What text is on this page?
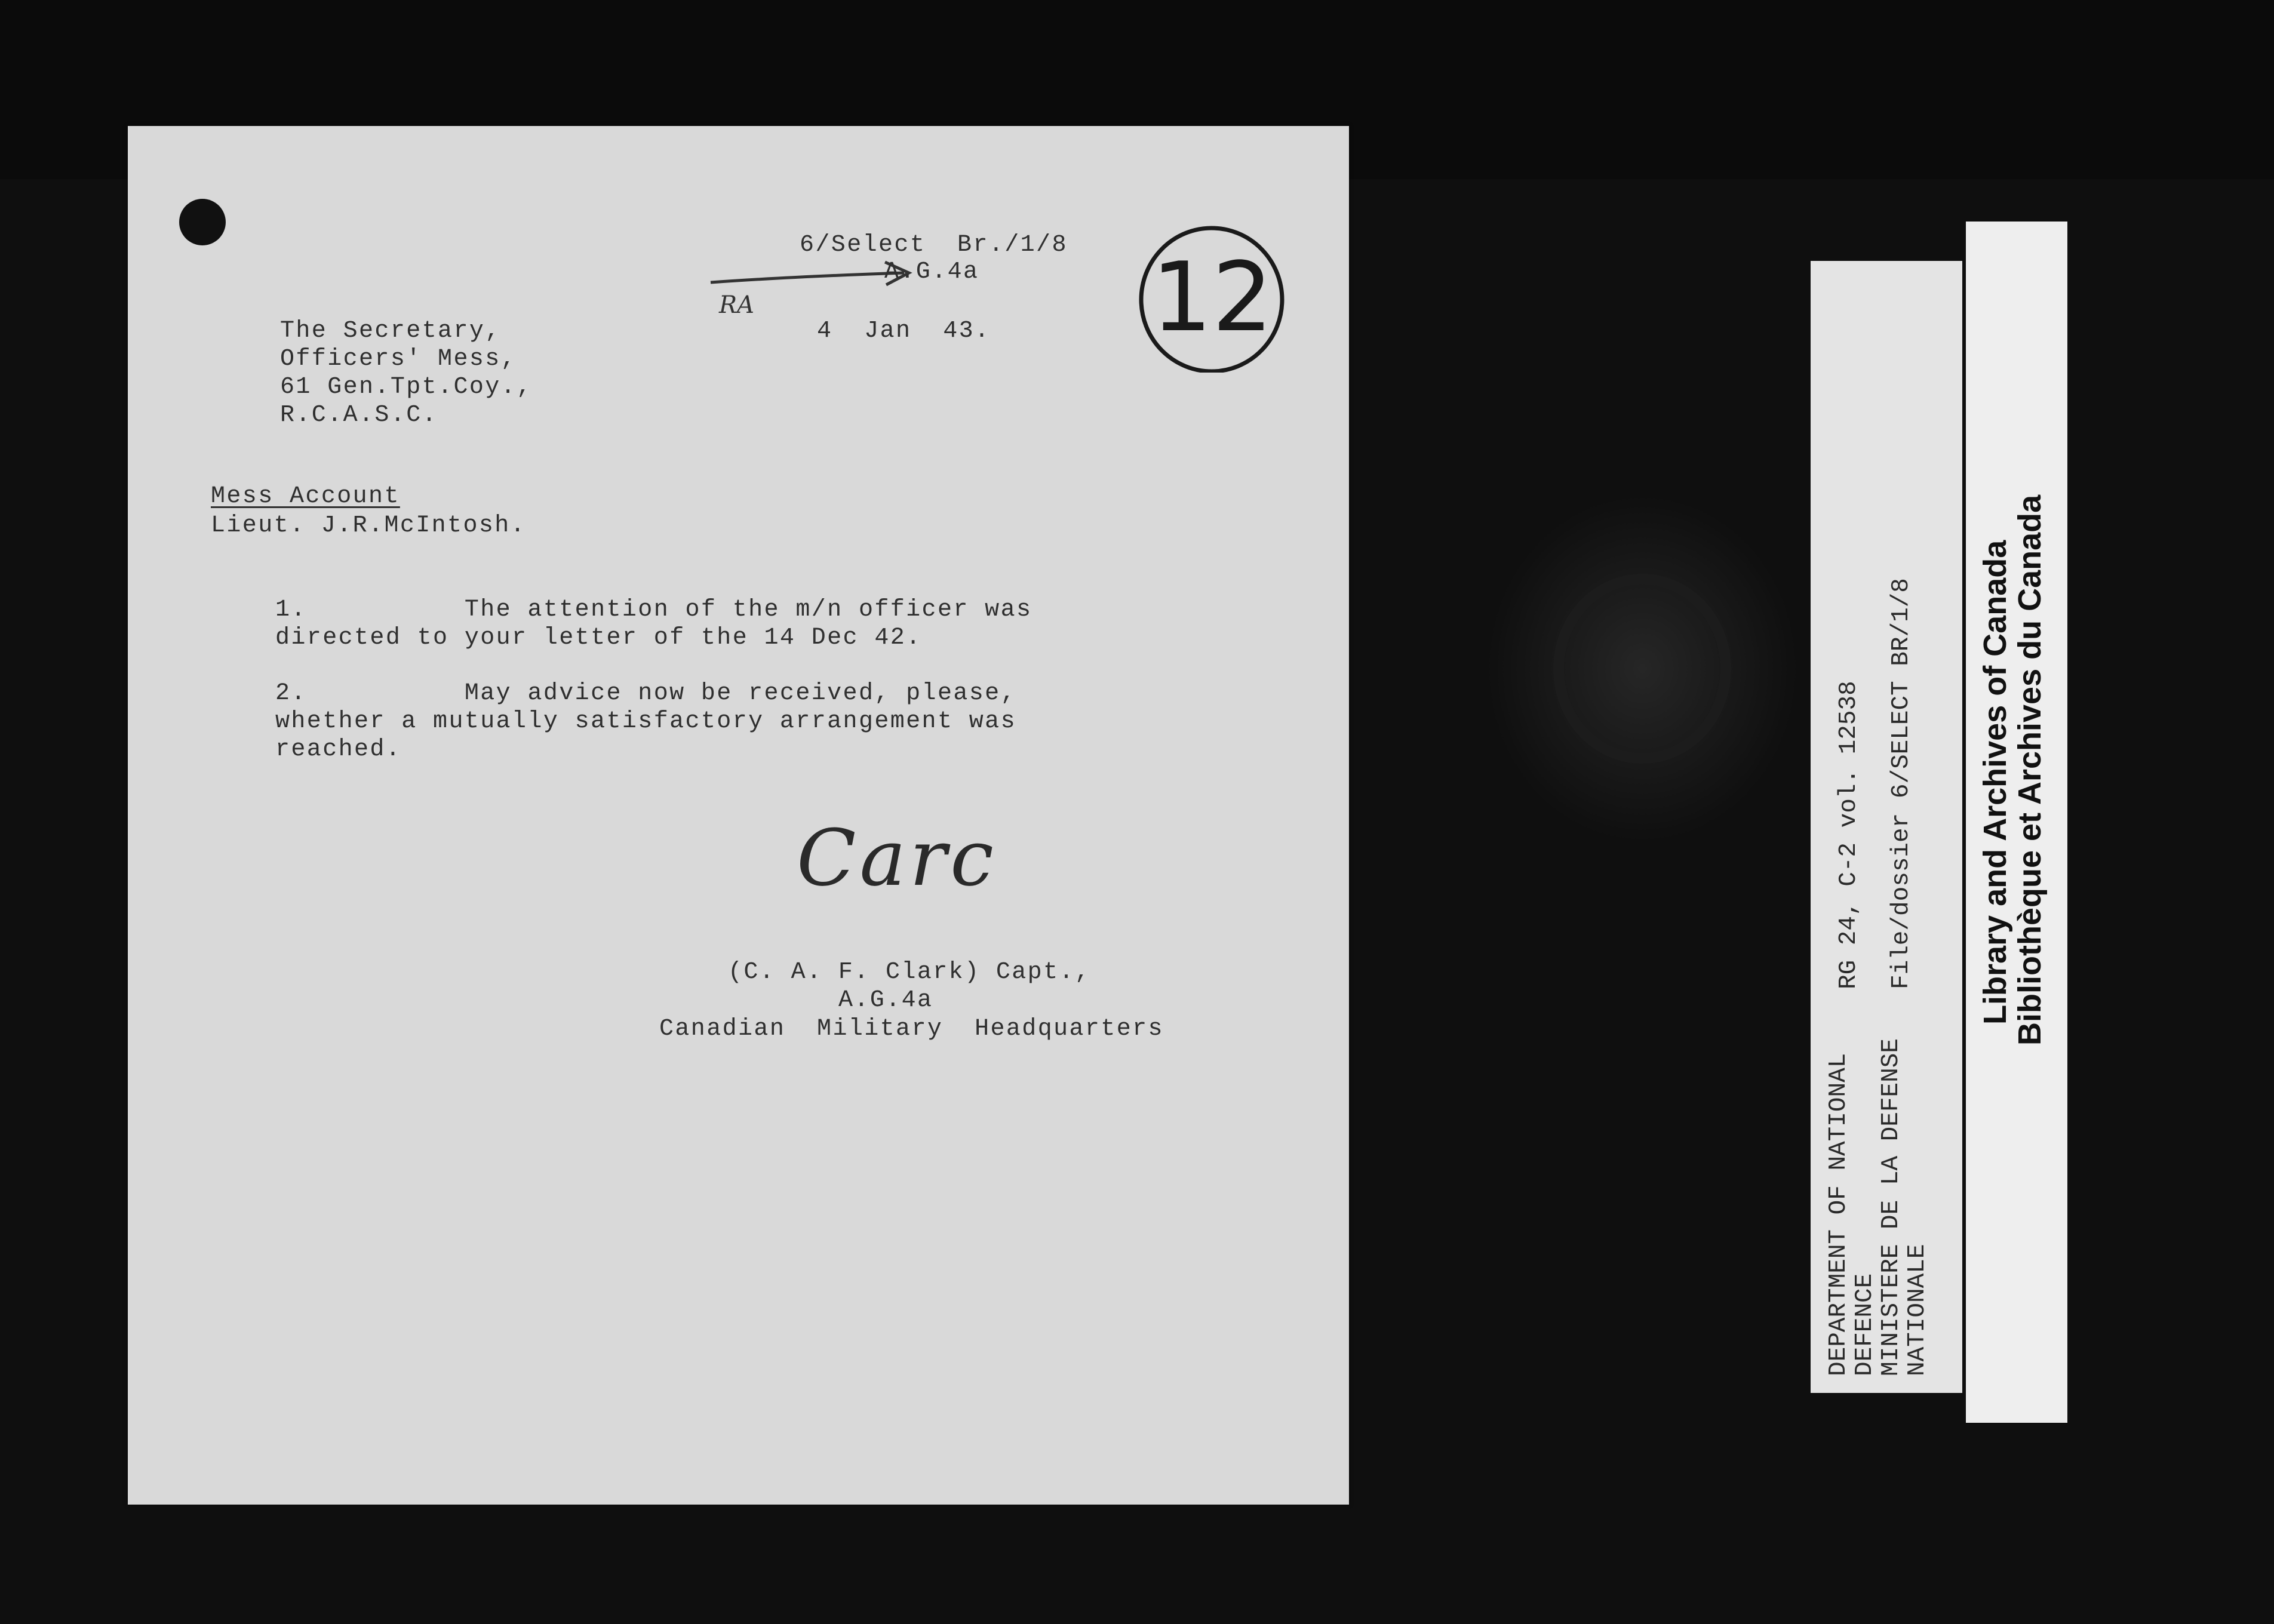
6/Select  Br./1/8

A.G.4a

RA

4  Jan  43. 12

The Secretary,

Officers' Mess,

61 Gen.Tpt.Coy.,

R.C.A.S.C.

Mess Account

Lieut. J.R.McIntosh.

1.          The attention of the m/n officer was

directed to your letter of the 14 Dec 42.

2.          May advice now be received, please,

whether a mutually satisfactory arrangement was

reached.

Carc

(C. A. F. Clark) Capt.,

A.G.4a

Canadian  Military  Headquarters

DEPARTMENT OF NATIONAL

DEFENCE

MINISTERE DE LA DEFENSE

NATIONALE

RG 24, C-2 vol. 12538 File/dossier 6/SELECT BR/1/8 Library and Archives of Canada
Bibliothèque et Archives du Canada
